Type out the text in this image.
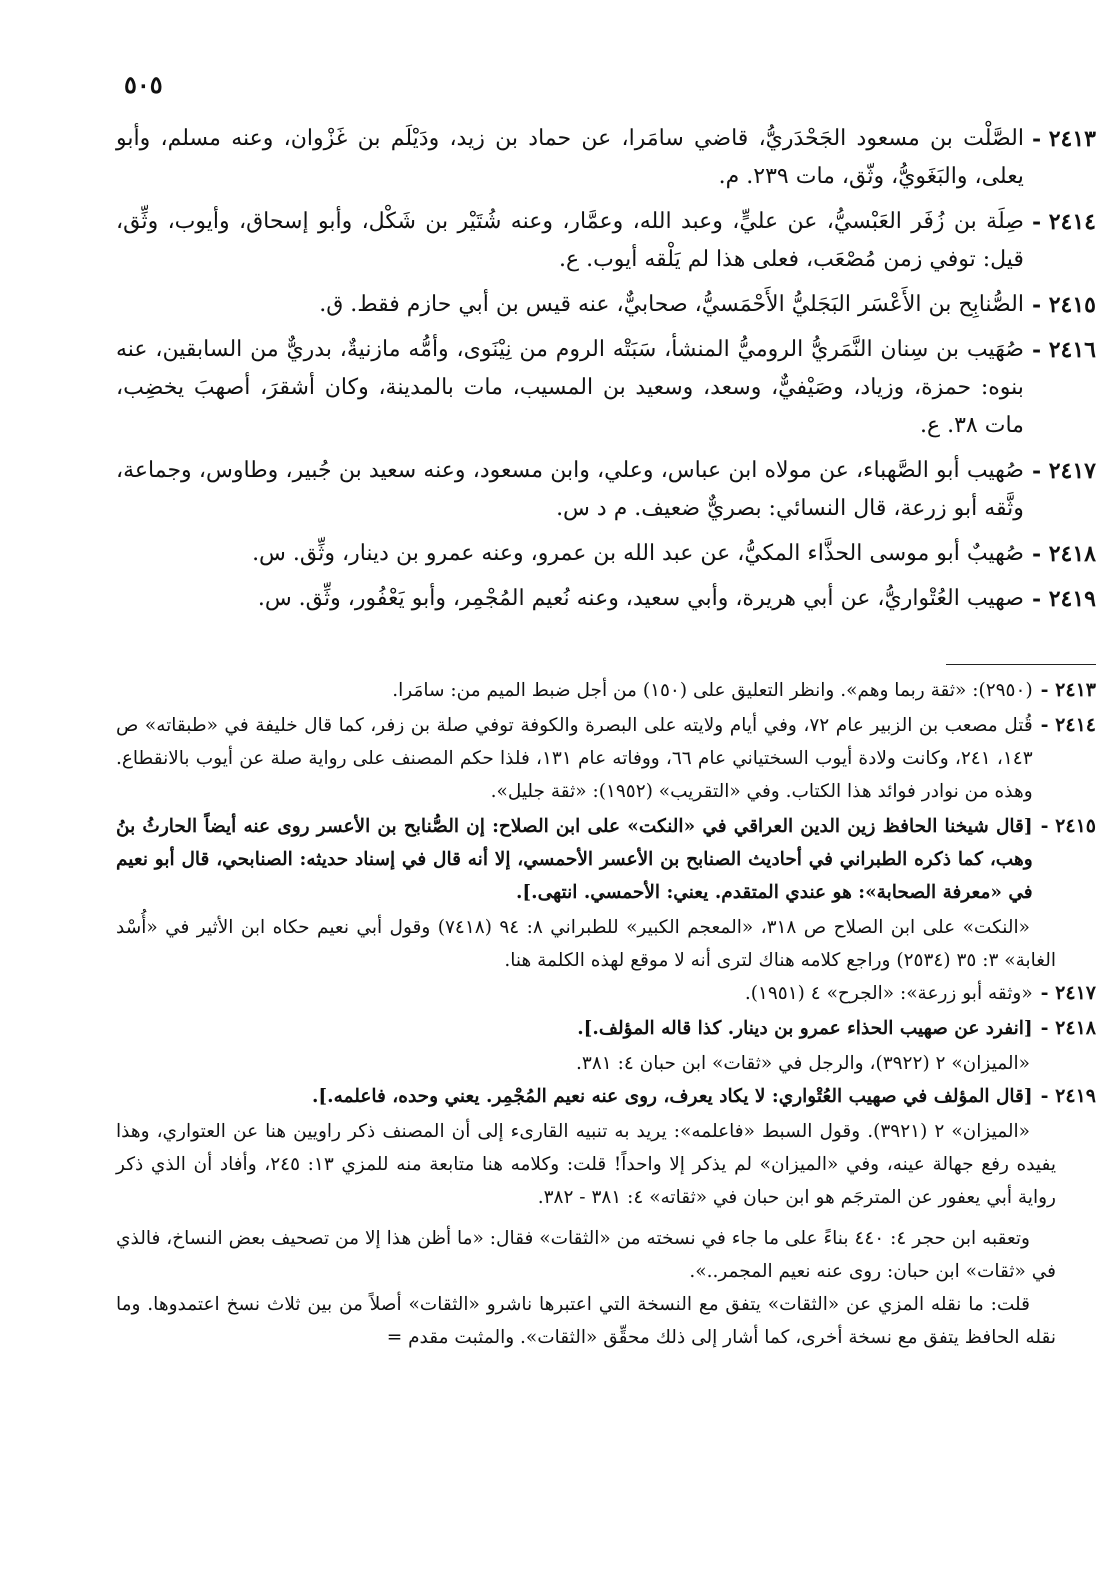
٥٠٥
٢٤١٣ -
الصَّلْت بن مسعود الجَحْدَريُّ، قاضي سامَرا، عن حماد بن زيد، ودَيْلَم بن غَزْوان، وعنه مسلم، وأبو يعلى، والبَغَويُّ، وثّق، مات ٢٣٩. م.
٢٤١٤ -
صِلَة بن زُفَر العَبْسيُّ، عن عليٍّ، وعبد الله، وعمَّار، وعنه شُتَيْر بن شَكْل، وأبو إسحاق، وأيوب، وثِّق، قيل: توفي زمن مُصْعَب، فعلى هذا لم يَلْقه أيوب. ع.
٢٤١٥ -
الصُّنابِح بن الأَعْسَر البَجَليُّ الأَحْمَسيُّ، صحابيٌّ، عنه قيس بن أبي حازم فقط. ق.
٢٤١٦ -
صُهَيب بن سِنان النَّمَريُّ الروميُّ المنشأ، سَبَتْه الروم من نِيْنَوى، وأمُّه مازنيةٌ، بدريٌّ من السابقين، عنه بنوه: حمزة، وزياد، وصَيْفيٌّ، وسعد، وسعيد بن المسيب، مات بالمدينة، وكان أشقرَ، أصهبَ يخضِب، مات ٣٨. ع.
٢٤١٧ -
صُهيب أبو الصَّهباء، عن مولاه ابن عباس، وعلي، وابن مسعود، وعنه سعيد بن جُبير، وطاوس، وجماعة، وثَّقه أبو زرعة، قال النسائي: بصريٌّ ضعيف. م د س.
٢٤١٨ -
صُهيبٌ أبو موسى الحذَّاء المكيُّ، عن عبد الله بن عمرو، وعنه عمرو بن دينار، وثِّق. س.
٢٤١٩ -
صهيب العُتْواريُّ، عن أبي هريرة، وأبي سعيد، وعنه نُعيم المُجْمِر، وأبو يَعْفُور، وثِّق. س.
٢٤١٣ -
(٢٩٥٠): «ثقة ربما وهم». وانظر التعليق على (١٥٠) من أجل ضبط الميم من: سامَرا.
٢٤١٤ -
قُتل مصعب بن الزبير عام ٧٢، وفي أيام ولايته على البصرة والكوفة توفي صلة بن زفر، كما قال خليفة في «طبقاته» ص ١٤٣، ٢٤١، وكانت ولادة أيوب السختياني عام ٦٦، ووفاته عام ١٣١، فلذا حكم المصنف على رواية صلة عن أيوب بالانقطاع. وهذه من نوادر فوائد هذا الكتاب. وفي «التقريب» (١٩٥٢): «ثقة جليل».
٢٤١٥ -
[قال شيخنا الحافظ زين الدين العراقي في «النكت» على ابن الصلاح: إن الصُّنابح بن الأعسر روى عنه أيضاً الحارثُ بنُ وهب، كما ذكره الطبراني في أحاديث الصنابح بن الأعسر الأحمسي، إلا أنه قال في إسناد حديثه: الصنابحي، قال أبو نعيم في «معرفة الصحابة»: هو عندي المتقدم. يعني: الأحمسي. انتهى.].
«النكت» على ابن الصلاح ص ٣١٨، «المعجم الكبير» للطبراني ٨: ٩٤ (٧٤١٨) وقول أبي نعيم حكاه ابن الأثير في «أُسْد الغابة» ٣: ٣٥ (٢٥٣٤) وراجع كلامه هناك لترى أنه لا موقع لهذه الكلمة هنا.
٢٤١٧ -
«وثقه أبو زرعة»: «الجرح» ٤ (١٩٥١).
٢٤١٨ -
[انفرد عن صهيب الحذاء عمرو بن دينار. كذا قاله المؤلف.].
«الميزان» ٢ (٣٩٢٢)، والرجل في «ثقات» ابن حبان ٤: ٣٨١.
٢٤١٩ -
[قال المؤلف في صهيب العُتْواري: لا يكاد يعرف، روى عنه نعيم المُجْمِر. يعني وحده، فاعلمه.].
«الميزان» ٢ (٣٩٢١). وقول السبط «فاعلمه»: يريد به تنبيه القارىء إلى أن المصنف ذكر راويين هنا عن العتواري، وهذا يفيده رفع جهالة عينه، وفي «الميزان» لم يذكر إلا واحداً! قلت: وكلامه هنا متابعة منه للمزي ١٣: ٢٤٥، وأفاد أن الذي ذكر رواية أبي يعفور عن المترجَم هو ابن حبان في «ثقاته» ٤: ٣٨١ - ٣٨٢.
وتعقبه ابن حجر ٤: ٤٤٠ بناءً على ما جاء في نسخته من «الثقات» فقال: «ما أظن هذا إلا من تصحيف بعض النساخ، فالذي في «ثقات» ابن حبان: روى عنه نعيم المجمر..».
قلت: ما نقله المزي عن «الثقات» يتفق مع النسخة التي اعتبرها ناشرو «الثقات» أصلاً من بين ثلاث نسخ اعتمدوها. وما نقله الحافظ يتفق مع نسخة أخرى، كما أشار إلى ذلك محقِّق «الثقات». والمثبت مقدم =
